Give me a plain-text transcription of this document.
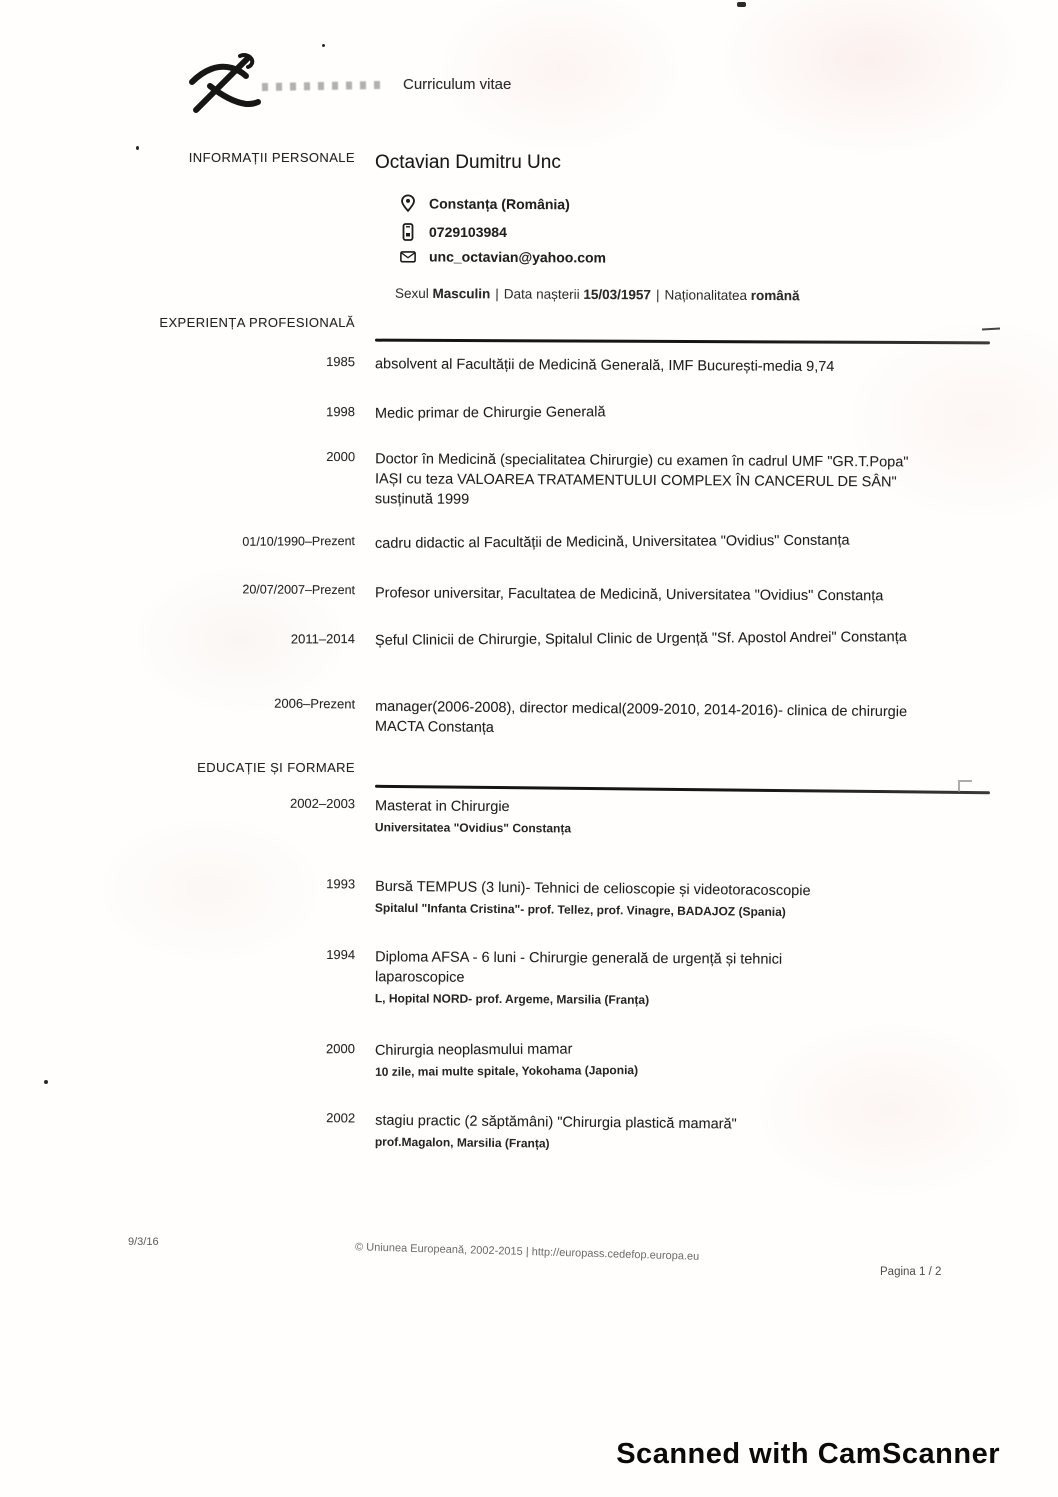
Curriculum vitae
INFORMAȚII PERSONALE	Octavian Dumitru Unc
Constanța (România)
0729103984
unc_octavian@yahoo.com
Sexul Masculin | Data nașterii 15/03/1957 | Naționalitatea română
EXPERIENȚA PROFESIONALĂ
1985	absolvent al Facultății de Medicină Generală, IMF București-media 9,74
1998	Medic primar de Chirurgie Generală
2000	Doctor în Medicină (specialitatea Chirurgie) cu examen în cadrul UMF "GR.T.Popa" IAȘI cu teza VALOAREA TRATAMENTULUI COMPLEX ÎN CANCERUL DE SÂN" susținută 1999
01/10/1990–Prezent	cadru didactic al Facultății de Medicină, Universitatea "Ovidius" Constanța
20/07/2007–Prezent	Profesor universitar, Facultatea de Medicină, Universitatea "Ovidius" Constanța
2011–2014	Șeful Clinicii de Chirurgie, Spitalul Clinic de Urgență "Sf. Apostol Andrei" Constanța
2006–Prezent	manager(2006-2008), director medical(2009-2010, 2014-2016)- clinica de chirurgie MACTA Constanța
EDUCAȚIE ȘI FORMARE
2002–2003	Masterat in Chirurgie
Universitatea "Ovidius" Constanța
1993	Bursă TEMPUS (3 luni)- Tehnici de celioscopie și videotoracoscopie
Spitalul "Infanta Cristina"- prof. Tellez, prof. Vinagre, BADAJOZ (Spania)
1994	Diploma AFSA - 6 luni - Chirurgie generală de urgență și tehnici laparoscopice
L, Hopital NORD- prof. Argeme, Marsilia (Franța)
2000	Chirurgia neoplasmului mamar
10 zile, mai multe spitale, Yokohama (Japonia)
2002	stagiu practic (2 săptămâni) "Chirurgia plastică mamară"
prof.Magalon, Marsilia (Franța)
9/3/16	© Uniunea Europeană, 2002-2015 | http://europass.cedefop.europa.eu
Pagina 1 / 2
Scanned with CamScanner
